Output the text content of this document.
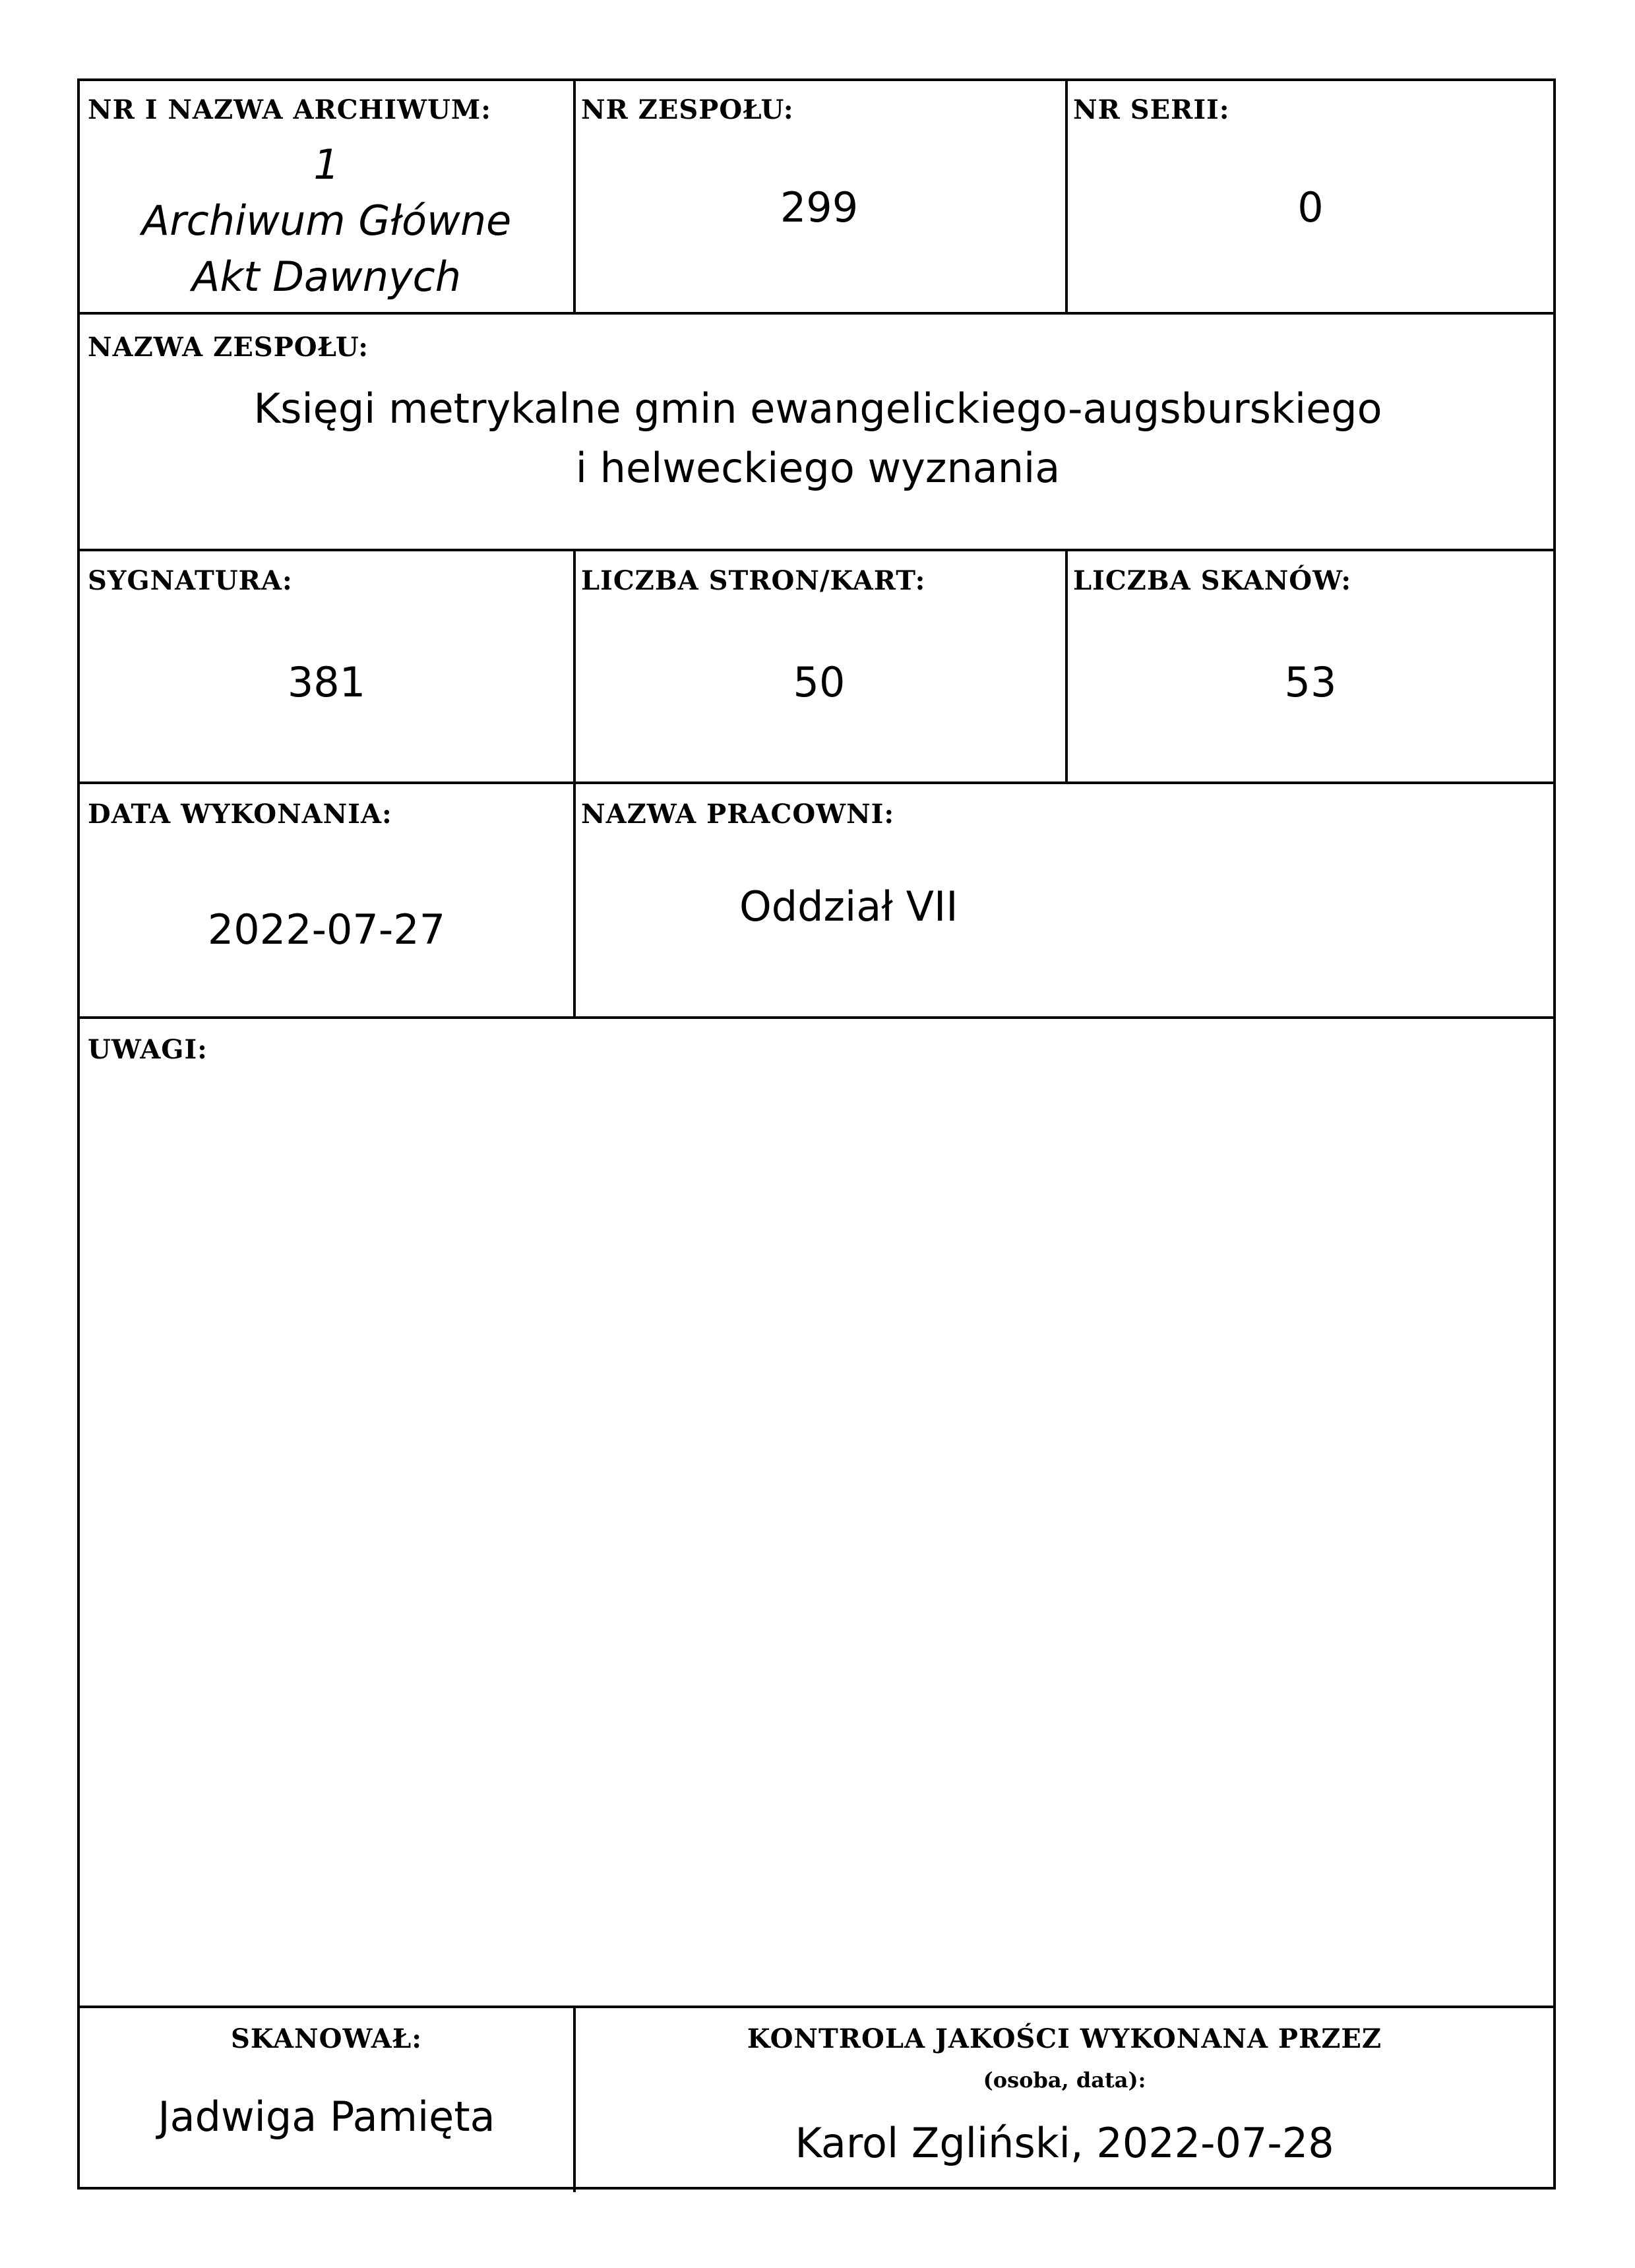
NR I NAZWA ARCHIWUM:
1
Archiwum Główne
Akt Dawnych
NR ZESPOŁU:
299
NR SERII:
0
NAZWA ZESPOŁU:
Księgi metrykalne gmin ewangelickiego-augsburskiego
i helweckiego wyznania
SYGNATURA:
381
LICZBA STRON/KART:
50
LICZBA SKANÓW:
53
DATA WYKONANIA:
2022-07-27
NAZWA PRACOWNI:
Oddział VII
UWAGI:
SKANOWAŁ:
Jadwiga Pamięta
KONTROLA JAKOŚCI WYKONANA PRZEZ
(osoba, data):
Karol Zgliński, 2022-07-28
